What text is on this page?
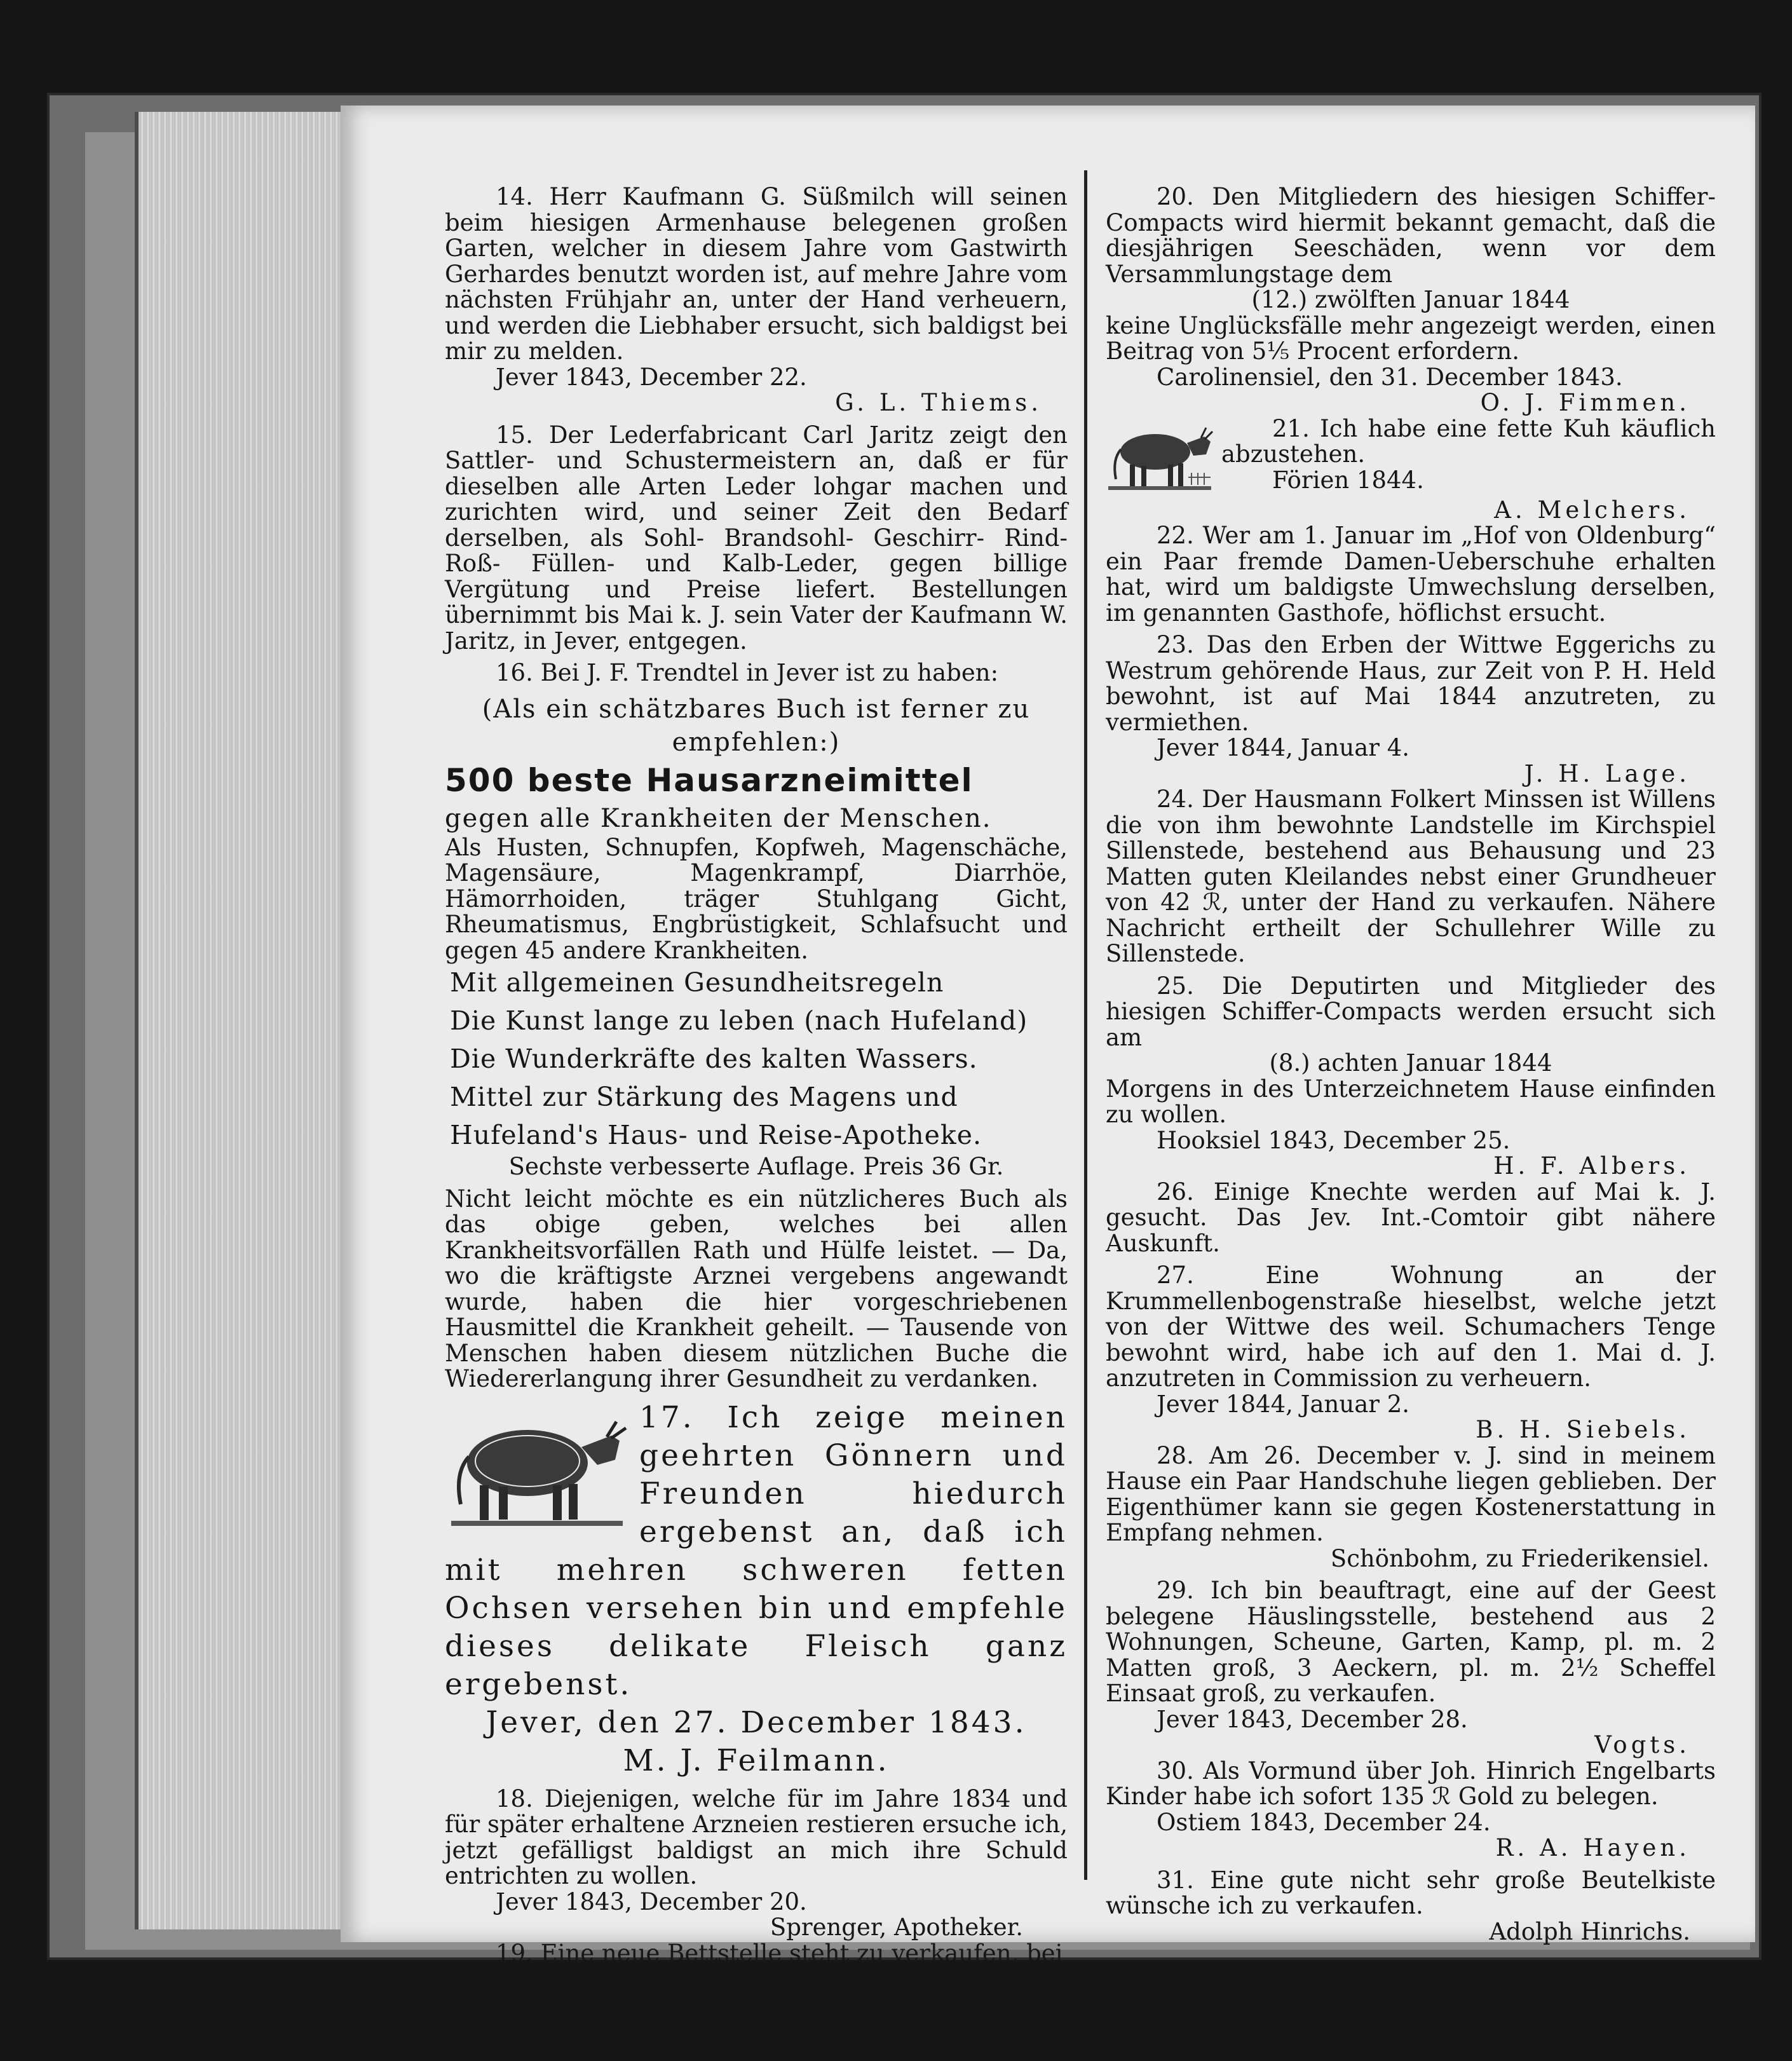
14. Herr Kaufmann G. Süßmilch will seinen beim hiesigen Armenhause belegenen großen Garten, welcher in diesem Jahre vom Gastwirth Gerhardes benutzt worden ist, auf mehre Jahre vom nächsten Frühjahr an, unter der Hand verheuern, und werden die Liebhaber ersucht, sich baldigst bei mir zu melden.

Jever 1843, December 22.

G. L. Thiems.

15. Der Lederfabricant Carl Jaritz zeigt den Sattler- und Schustermeistern an, daß er für dieselben alle Arten Leder lohgar machen und zurichten wird, und seiner Zeit den Bedarf derselben, als Sohl- Brandsohl- Geschirr- Rind- Roß- Füllen- und Kalb-Leder, gegen billige Vergütung und Preise liefert. Bestellungen übernimmt bis Mai k. J. sein Vater der Kaufmann W. Jaritz, in Jever, entgegen.

16. Bei J. F. Trendtel in Jever ist zu haben:

(Als ein schätzbares Buch ist ferner zu empfehlen:)

500 beste Hausarzneimittel

gegen alle Krankheiten der Menschen.

Als Husten, Schnupfen, Kopfweh, Magenschäche, Magensäure, Magenkrampf, Diarrhöe, Hämorrhoiden, träger Stuhlgang Gicht, Rheumatismus, Engbrüstigkeit, Schlafsucht und gegen 45 andere Krankheiten.

Mit allgemeinen Gesundheitsregeln

Die Kunst lange zu leben (nach Hufeland)

Die Wunderkräfte des kalten Wassers.

Mittel zur Stärkung des Magens und

Hufeland's Haus- und Reise-Apotheke.

Sechste verbesserte Auflage. Preis 36 Gr.

Nicht leicht möchte es ein nützlicheres Buch als das obige geben, welches bei allen Krankheitsvorfällen Rath und Hülfe leistet. — Da, wo die kräftigste Arznei vergebens angewandt wurde, haben die hier vorgeschriebenen Hausmittel die Krankheit geheilt. — Tausende von Menschen haben diesem nützlichen Buche die Wiedererlangung ihrer Gesundheit zu verdanken.

17. Ich zeige meinen geehrten Gönnern und Freunden hiedurch ergebenst an, daß ich mit mehren schweren fetten Ochsen versehen bin und empfehle dieses delikate Fleisch ganz ergebenst.

Jever, den 27. December 1843.

M. J. Feilmann.

18. Diejenigen, welche für im Jahre 1834 und für später erhaltene Arzneien restieren ersuche ich, jetzt gefälligst baldigst an mich ihre Schuld entrichten zu wollen.

Jever 1843, December 20.

Sprenger, Apotheker.

19. Eine neue Bettstelle steht zu verkaufen, bei

Krüger,

auf der Schlacht Bleiche.

20. Den Mitgliedern des hiesigen Schiffer-Compacts wird hiermit bekannt gemacht, daß die diesjährigen Seeschäden, wenn vor dem Versammlungstage dem

(12.) zwölften Januar 1844

keine Unglücksfälle mehr angezeigt werden, einen Beitrag von 5⅕ Procent erfordern.

Carolinensiel, den 31. December 1843.

O. J. Fimmen.

21. Ich habe eine fette Kuh käuflich abzustehen.

Förien 1844.

A. Melchers.

22. Wer am 1. Januar im „Hof von Oldenburg“ ein Paar fremde Damen-Ueberschuhe erhalten hat, wird um baldigste Umwechslung derselben, im genannten Gasthofe, höflichst ersucht.

23. Das den Erben der Wittwe Eggerichs zu Westrum gehörende Haus, zur Zeit von P. H. Held bewohnt, ist auf Mai 1844 anzutreten, zu vermiethen.

Jever 1844, Januar 4.

J. H. Lage.

24. Der Hausmann Folkert Minssen ist Willens die von ihm bewohnte Landstelle im Kirchspiel Sillenstede, bestehend aus Behausung und 23 Matten guten Kleilandes nebst einer Grundheuer von 42 ℛ, unter der Hand zu verkaufen. Nähere Nachricht ertheilt der Schullehrer Wille zu Sillenstede.

25. Die Deputirten und Mitglieder des hiesigen Schiffer-Compacts werden ersucht sich am

(8.) achten Januar 1844

Morgens in des Unterzeichnetem Hause einfinden zu wollen.

Hooksiel 1843, December 25.

H. F. Albers.

26. Einige Knechte werden auf Mai k. J. gesucht. Das Jev. Int.-Comtoir gibt nähere Auskunft.

27. Eine Wohnung an der Krummellenbogenstraße hieselbst, welche jetzt von der Wittwe des weil. Schumachers Tenge bewohnt wird, habe ich auf den 1. Mai d. J. anzutreten in Commission zu verheuern.

Jever 1844, Januar 2.

B. H. Siebels.

28. Am 26. December v. J. sind in meinem Hause ein Paar Handschuhe liegen geblieben. Der Eigenthümer kann sie gegen Kostenerstattung in Empfang nehmen.

Schönbohm, zu Friederikensiel.

29. Ich bin beauftragt, eine auf der Geest belegene Häuslingsstelle, bestehend aus 2 Wohnungen, Scheune, Garten, Kamp, pl. m. 2 Matten groß, 3 Aeckern, pl. m. 2½ Scheffel Einsaat groß, zu verkaufen.

Jever 1843, December 28.

Vogts.

30. Als Vormund über Joh. Hinrich Engelbarts Kinder habe ich sofort 135 ℛ Gold zu belegen.

Ostiem 1843, December 24.

R. A. Hayen.

31. Eine gute nicht sehr große Beutelkiste wünsche ich zu verkaufen.

Adolph Hinrichs.
